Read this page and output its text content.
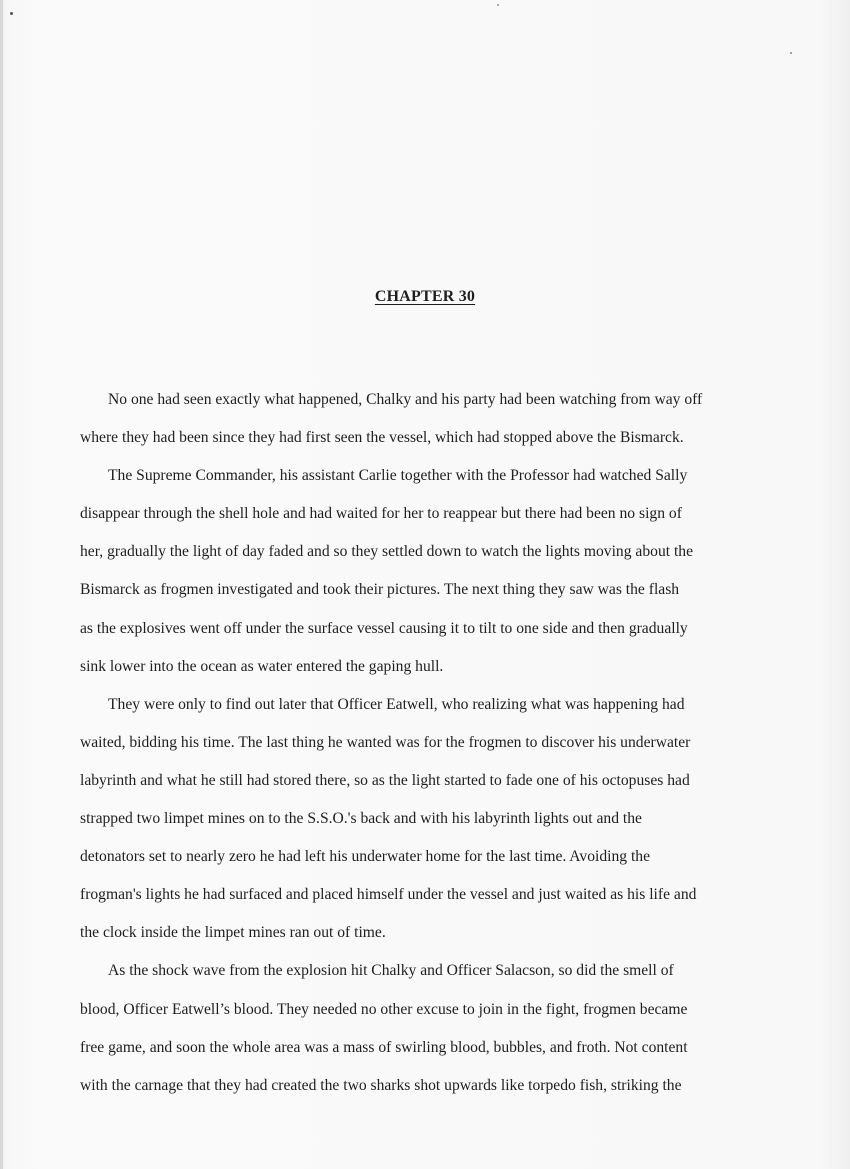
CHAPTER 30
No one had seen exactly what happened, Chalky and his party had been watching from way off
where they had been since they had first seen the vessel, which had stopped above the Bismarck.
The Supreme Commander, his assistant Carlie together with the Professor had watched Sally
disappear through the shell hole and had waited for her to reappear but there had been no sign of
her, gradually the light of day faded and so they settled down to watch the lights moving about the
Bismarck as frogmen investigated and took their pictures. The next thing they saw was the flash
as the explosives went off under the surface vessel causing it to tilt to one side and then gradually
sink lower into the ocean as water entered the gaping hull.
They were only to find out later that Officer Eatwell, who realizing what was happening had
waited, bidding his time. The last thing he wanted was for the frogmen to discover his underwater
labyrinth and what he still had stored there, so as the light started to fade one of his octopuses had
strapped two limpet mines on to the S.S.O.'s back and with his labyrinth lights out and the
detonators set to nearly zero he had left his underwater home for the last time. Avoiding the
frogman's lights he had surfaced and placed himself under the vessel and just waited as his life and
the clock inside the limpet mines ran out of time.
As the shock wave from the explosion hit Chalky and Officer Salacson, so did the smell of
blood, Officer Eatwell’s blood. They needed no other excuse to join in the fight, frogmen became
free game, and soon the whole area was a mass of swirling blood, bubbles, and froth. Not content
with the carnage that they had created the two sharks shot upwards like torpedo fish, striking the
